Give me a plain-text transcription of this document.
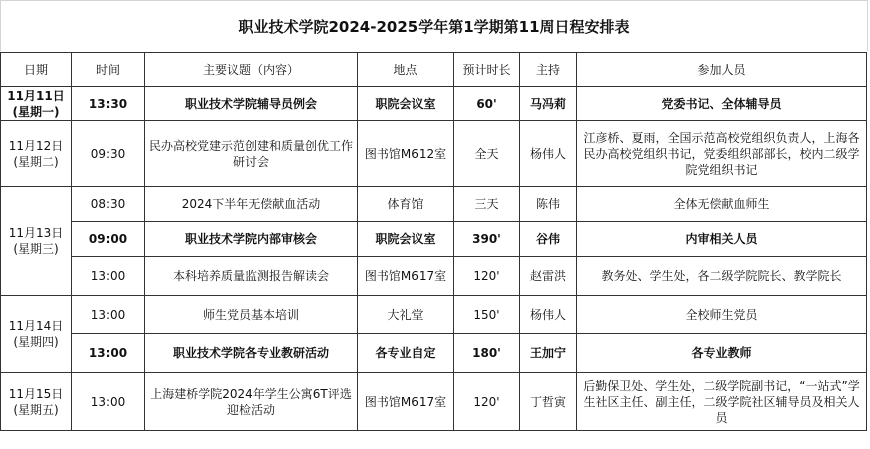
职业技术学院2024-2025学年第1学期第11周日程安排表
日期	时间	主要议题（内容）	地点	预计时长	主持	参加人员
11月11日
(星期一)	13:30	职业技术学院辅导员例会	职院会议室	60'	马冯莉	党委书记、全体辅导员
11月12日
(星期二)	09:30	民办高校党建示范创建和质量创优工作研讨会	图书馆M612室	全天	杨伟人	江彦桥、夏雨，全国示范高校党组织负责人，上海各民办高校党组织书记，党委组织部部长，校内二级学院党组织书记
11月13日
(星期三)	08:30	2024下半年无偿献血活动	体育馆	三天	陈伟	全体无偿献血师生
	09:00	职业技术学院内部审核会	职院会议室	390'	谷伟	内审相关人员
	13:00	本科培养质量监测报告解读会	图书馆M617室	120'	赵雷洪	教务处、学生处，各二级学院院长、教学院长
11月14日
(星期四)	13:00	师生党员基本培训	大礼堂	150'	杨伟人	全校师生党员
	13:00	职业技术学院各专业教研活动	各专业自定	180'	王加宁	各专业教师
11月15日
(星期五)	13:00	上海建桥学院2024年学生公寓6T评选迎检活动	图书馆M617室	120'	丁哲寅	后勤保卫处、学生处，二级学院副书记，“一站式”学生社区主任、副主任，二级学院社区辅导员及相关人员
